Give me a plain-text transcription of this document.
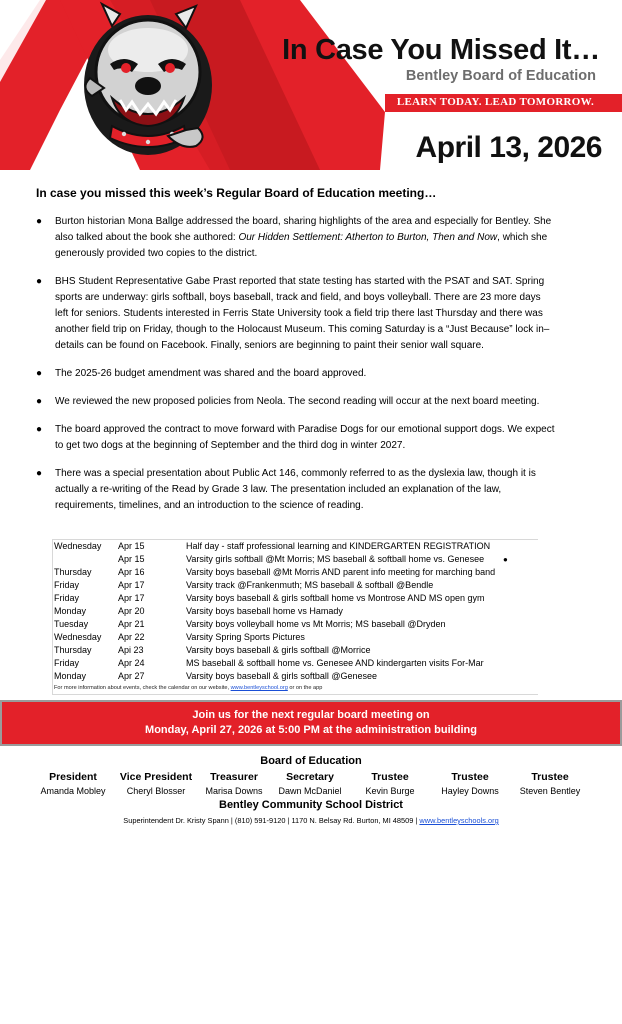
In Case You Missed It…
Bentley Board of Education
LEARN TODAY. LEAD TOMORROW.
April 13, 2026
In case you missed this week’s Regular Board of Education meeting…
● Burton historian Mona Ballge addressed the board, sharing highlights of the area and especially for Bentley. She also talked about the book she authored: Our Hidden Settlement: Atherton to Burton, Then and Now, which she generously provided two copies to the district.
● BHS Student Representative Gabe Prast reported that state testing has started with the PSAT and SAT. Spring sports are underway: girls softball, boys baseball, track and field, and boys volleyball. There are 23 more days left for seniors. Students interested in Ferris State University took a field trip there last Thursday and there was another field trip on Friday, though to the Holocaust Museum. This coming Saturday is a “Just Because” lock in–details can be found on Facebook. Finally, seniors are beginning to paint their senior wall square.
● The 2025-26 budget amendment was shared and the board approved.
● We reviewed the new proposed policies from Neola. The second reading will occur at the next board meeting.
● The board approved the contract to move forward with Paradise Dogs for our emotional support dogs. We expect to get two dogs at the beginning of September and the third dog in winter 2027.
● There was a special presentation about Public Act 146, commonly referred to as the dyslexia law, though it is actually a re-writing of the Read by Grade 3 law. The presentation included an explanation of the law, requirements, timelines, and an introduction to the science of reading.
Wednesday	Apr 15	Half day - staff professional learning and KINDERGARTEN REGISTRATION
	Apr 15	Varsity girls softball @Mt Morris; MS baseball & softball home vs. Genesee
Thursday	Apr 16	Varsity boys baseball @Mt Morris AND parent info meeting for marching band
Friday	Apr 17	Varsity track @Frankenmuth; MS baseball & softball @Bendle
Friday	Apr 17	Varsity boys baseball & girls softball home vs Montrose AND MS open gym
Monday	Apr 20	Varsity boys baseball home vs Hamady
Tuesday	Apr 21	Varsity boys volleyball home vs Mt Morris; MS baseball @Dryden
Wednesday	Apr 22	Varsity Spring Sports Pictures
Thursday	Api 23	Varsity boys baseball & girls softball @Morrice
Friday	Apr 24	MS baseball & softball home vs. Genesee AND kindergarten visits For-Mar
Monday	Apr 27	Varsity boys baseball & girls softball @Genesee
●
For more information about events, check the calendar on our website, www.bentleyschool.org or on the app
Join us for the next regular board meeting on
Monday, April 27, 2026 at 5:00 PM at the administration building
Board of Education
President
Amanda Mobley
Vice President
Cheryl Blosser
Treasurer
Marisa Downs
Secretary
Dawn McDaniel
Trustee
Kevin Burge
Trustee
Hayley Downs
Trustee
Steven Bentley
Bentley Community School District
Superintendent Dr. Kristy Spann | (810) 591-9120 | 1170 N. Belsay Rd. Burton, MI 48509 | www.bentleyschools.org
